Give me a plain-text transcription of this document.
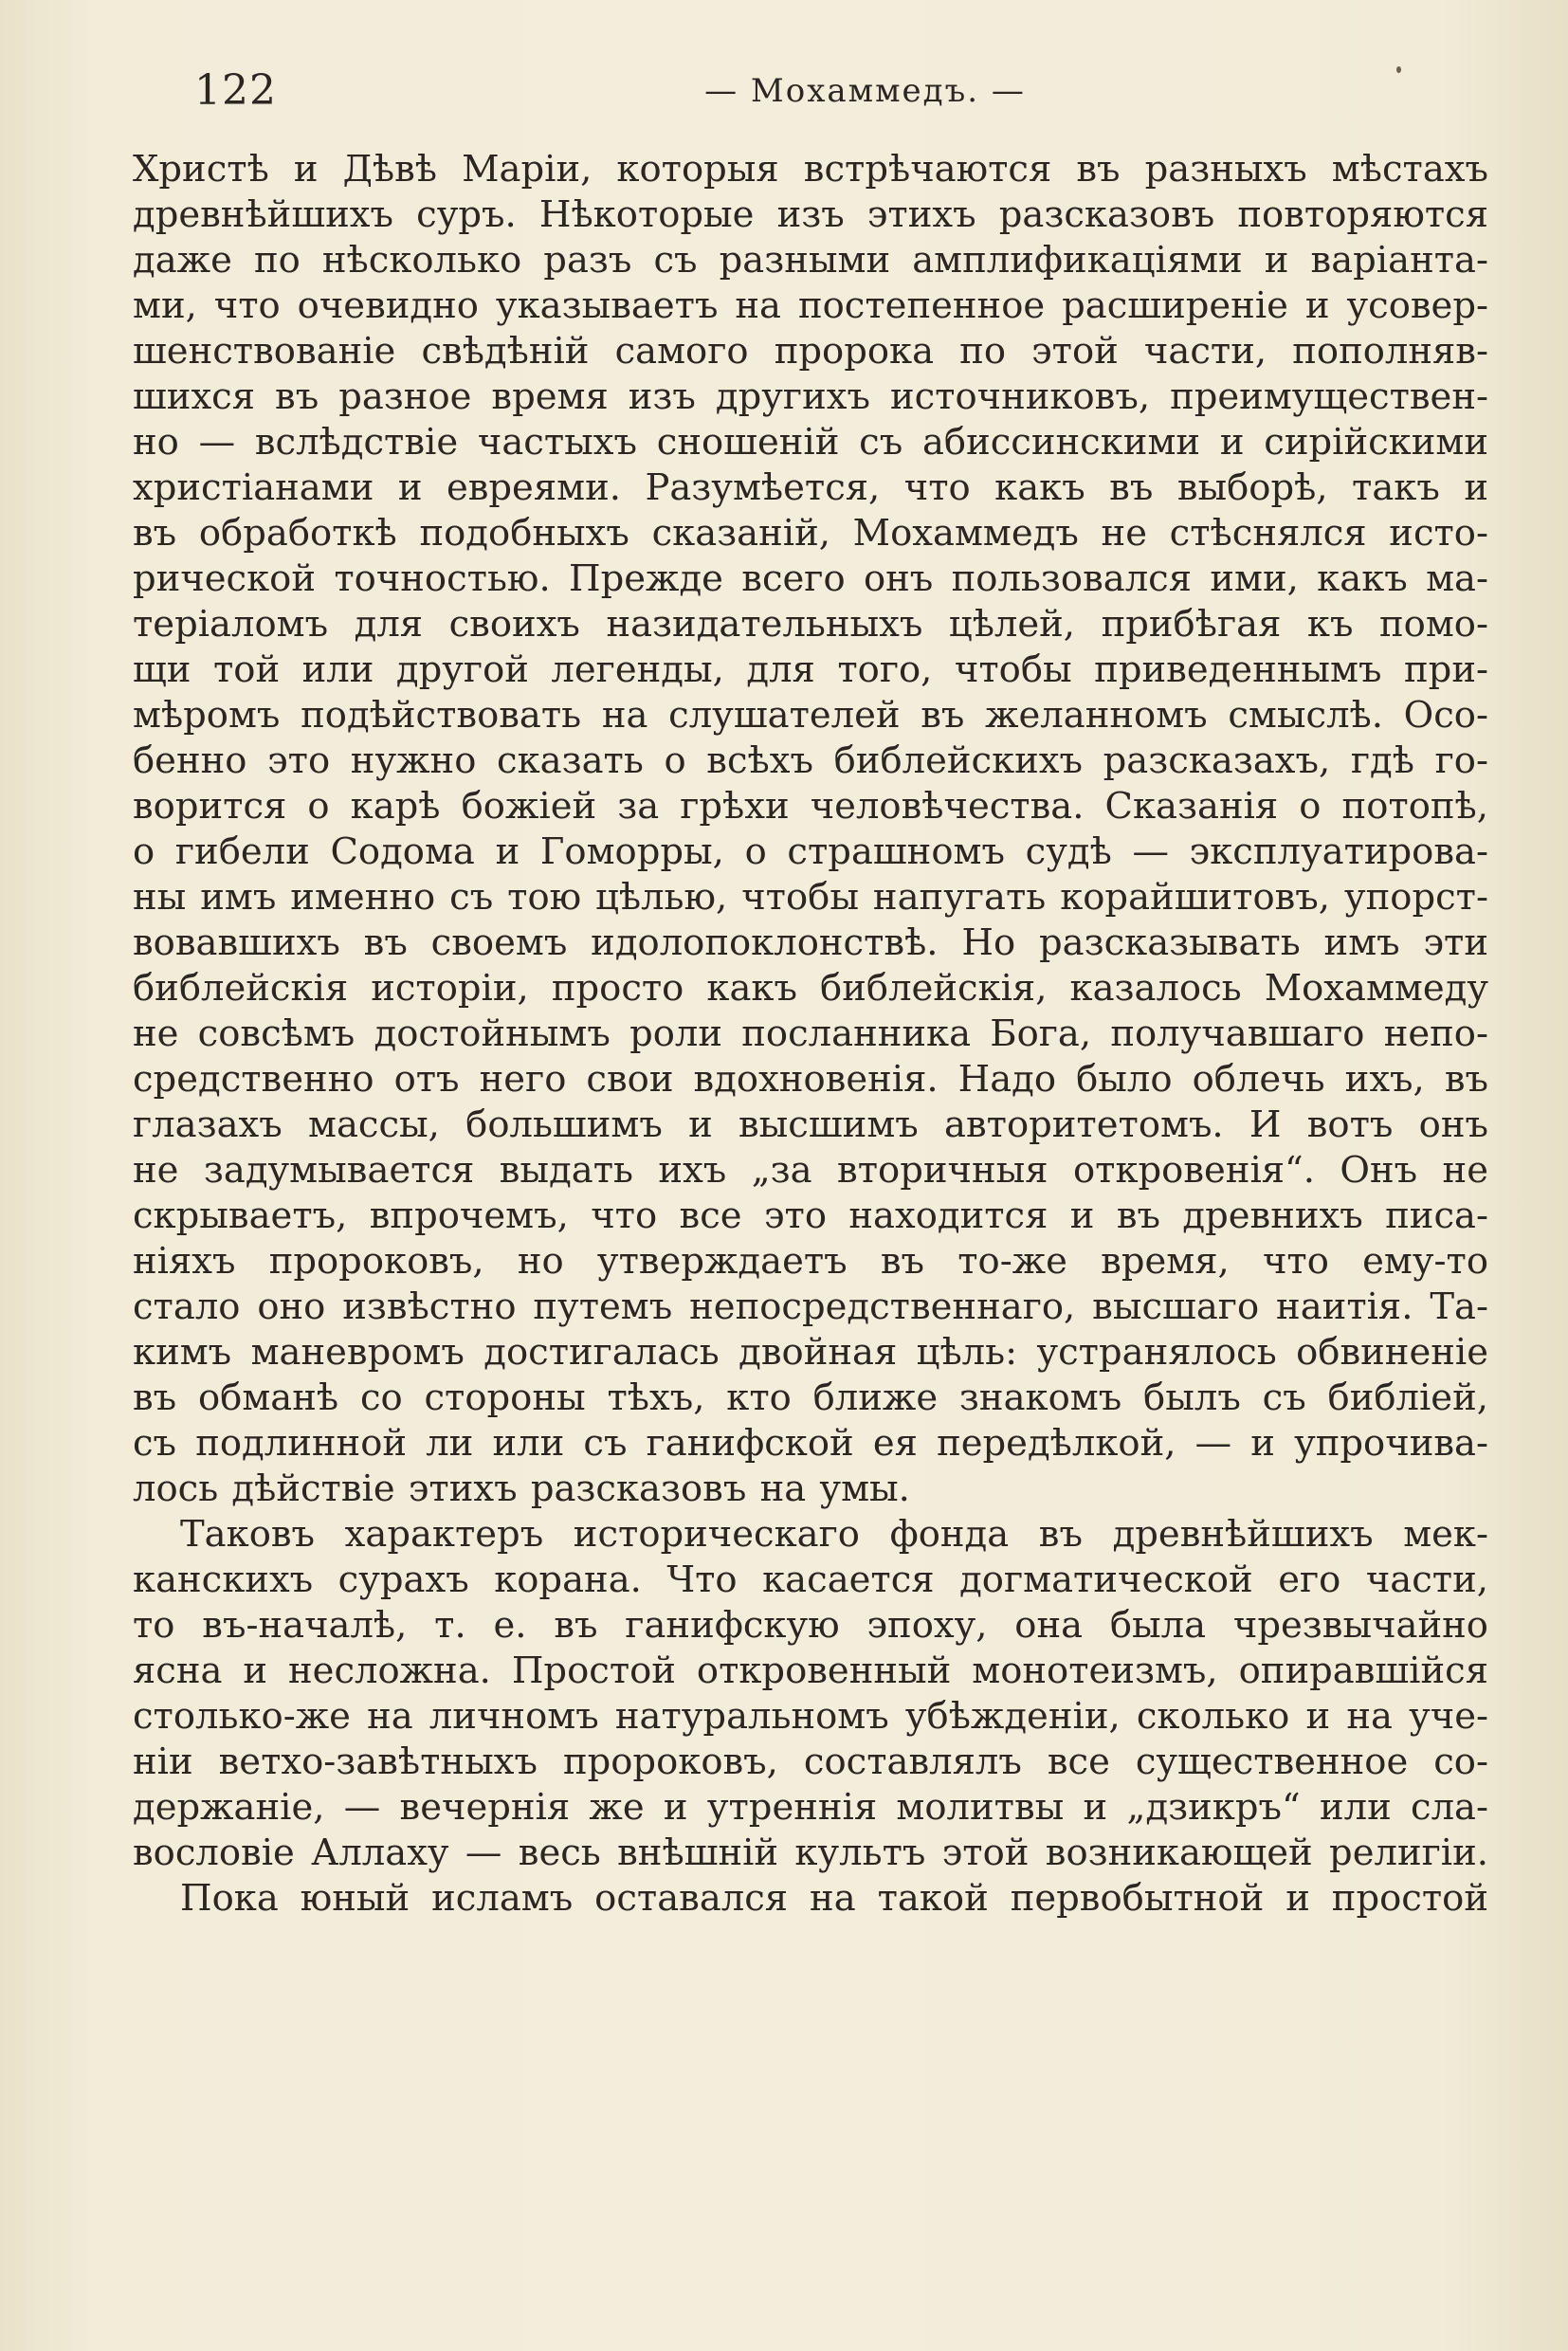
122	— Мохаммедъ. —
Христѣ и Дѣвѣ Маріи, которыя встрѣчаются въ разныхъ мѣстахъ
древнѣйшихъ суръ. Нѣкоторые изъ этихъ разсказовъ повторяются
даже по нѣсколько разъ съ разными амплификаціями и варіанта-
ми, что очевидно указываетъ на постепенное расширеніе и усовер-
шенствованіе свѣдѣній самого пророка по этой части, пополняв-
шихся въ разное время изъ другихъ источниковъ, преимуществен-
но — вслѣдствіе частыхъ сношеній съ абиссинскими и сирійскими
христіанами и евреями. Разумѣется, что какъ въ выборѣ, такъ и
въ обработкѣ подобныхъ сказаній, Мохаммедъ не стѣснялся исто-
рической точностью. Прежде всего онъ пользовался ими, какъ ма-
теріаломъ для своихъ назидательныхъ цѣлей, прибѣгая къ помо-
щи той или другой легенды, для того, чтобы приведеннымъ при-
мѣромъ подѣйствовать на слушателей въ желанномъ смыслѣ. Осо-
бенно это нужно сказать о всѣхъ библейскихъ разсказахъ, гдѣ го-
ворится о карѣ божіей за грѣхи человѣчества. Сказанія о потопѣ,
о гибели Содома и Гоморры, о страшномъ судѣ — эксплуатирова-
ны имъ именно съ тою цѣлью, чтобы напугать корайшитовъ, упорст-
вовавшихъ въ своемъ идолопоклонствѣ. Но разсказывать имъ эти
библейскія исторіи, просто какъ библейскія, казалось Мохаммеду
не совсѣмъ достойнымъ роли посланника Бога, получавшаго непо-
средственно отъ него свои вдохновенія. Надо было облечь ихъ, въ
глазахъ массы, большимъ и высшимъ авторитетомъ. И вотъ онъ
не задумывается выдать ихъ „за вторичныя откровенія“. Онъ не
скрываетъ, впрочемъ, что все это находится и въ древнихъ писа-
ніяхъ пророковъ, но утверждаетъ въ то-же время, что ему-то
стало оно извѣстно путемъ непосредственнаго, высшаго наитія. Та-
кимъ маневромъ достигалась двойная цѣль: устранялось обвиненіе
въ обманѣ со стороны тѣхъ, кто ближе знакомъ былъ съ библіей,
съ подлинной ли или съ ганифской ея передѣлкой, — и упрочива-
лось дѣйствіе этихъ разсказовъ на умы.
Таковъ характеръ историческаго фонда въ древнѣйшихъ мек-
канскихъ сурахъ корана. Что касается догматической его части,
то въ-началѣ, т. е. въ ганифскую эпоху, она была чрезвычайно
ясна и несложна. Простой откровенный монотеизмъ, опиравшійся
столько-же на личномъ натуральномъ убѣжденіи, сколько и на уче-
ніи ветхо-завѣтныхъ пророковъ, составлялъ все существенное со-
держаніе, — вечернія же и утреннія молитвы и „дзикръ“ или сла-
вословіе Аллаху — весь внѣшній культъ этой возникающей религіи.
Пока юный исламъ оставался на такой первобытной и простой
